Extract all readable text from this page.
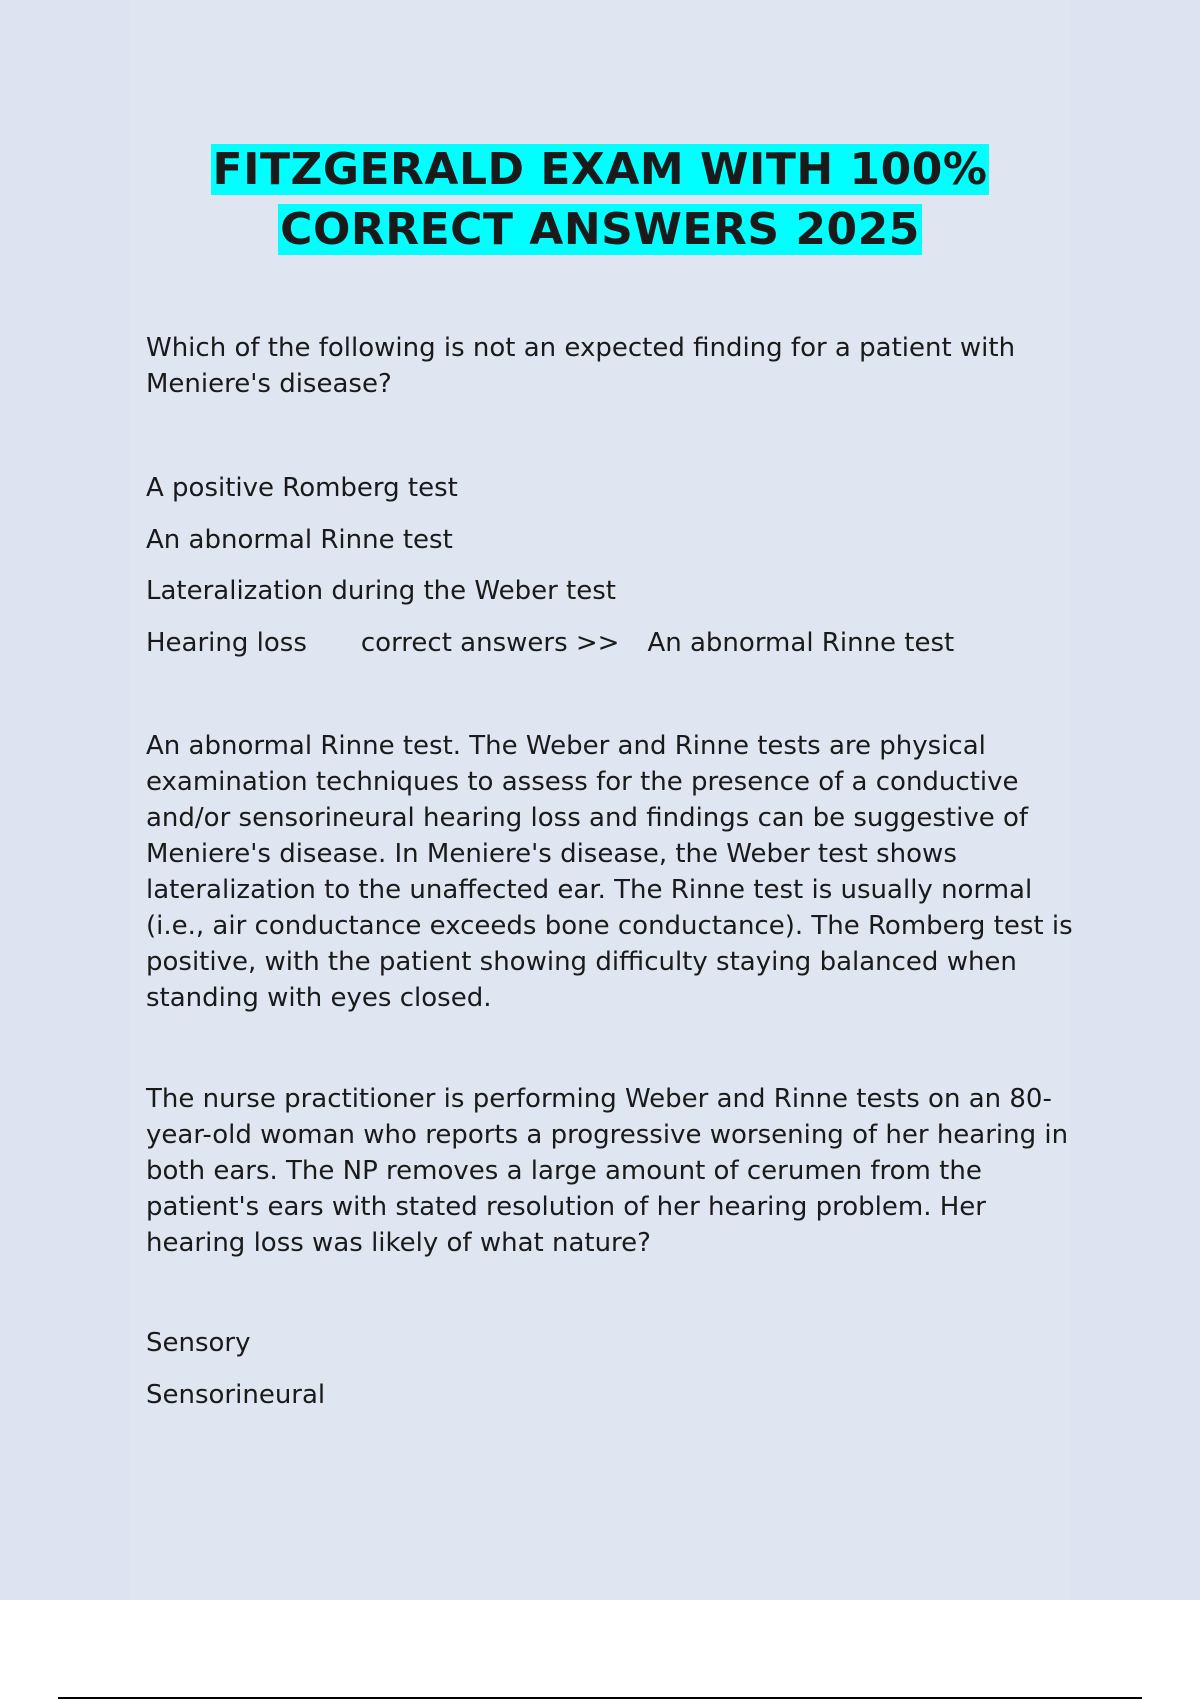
FITZGERALD EXAM WITH 100%
CORRECT ANSWERS 2025

Which of the following is not an expected finding for a patient with Meniere's disease?

A positive Romberg test
An abnormal Rinne test
Lateralization during the Weber test
Hearing loss correct answers >> An abnormal Rinne test

An abnormal Rinne test. The Weber and Rinne tests are physical examination techniques to assess for the presence of a conductive and/or sensorineural hearing loss and findings can be suggestive of Meniere's disease. In Meniere's disease, the Weber test shows lateralization to the unaffected ear. The Rinne test is usually normal (i.e., air conductance exceeds bone conductance). The Romberg test is positive, with the patient showing difficulty staying balanced when standing with eyes closed.

The nurse practitioner is performing Weber and Rinne tests on an 80-year-old woman who reports a progressive worsening of her hearing in both ears. The NP removes a large amount of cerumen from the patient's ears with stated resolution of her hearing problem. Her hearing loss was likely of what nature?

Sensory
Sensorineural
